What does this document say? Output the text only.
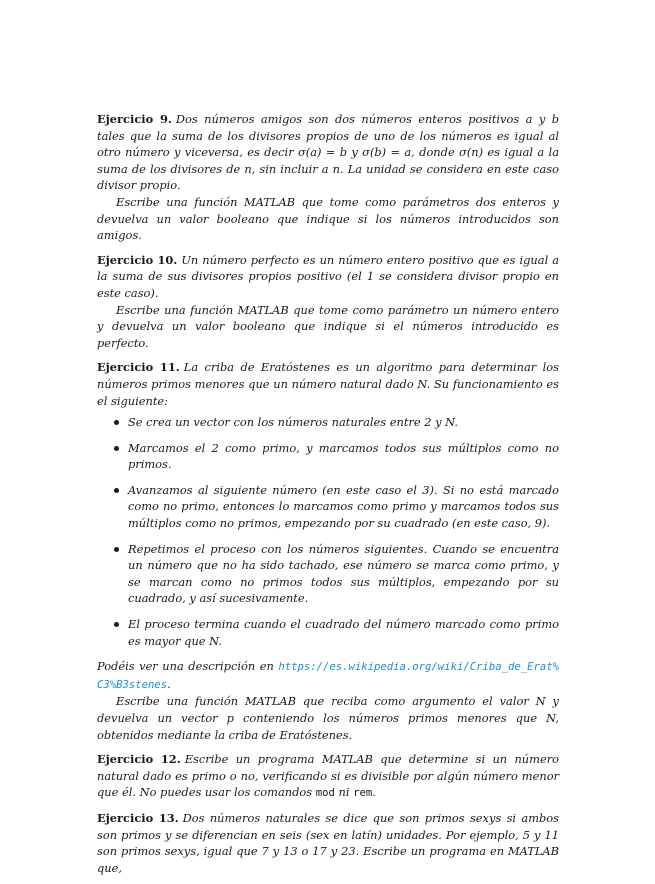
Ejercicio 9. Dos números amigos son dos números enteros positivos a y b tales que la suma de los divisores propios de uno de los números es igual al otro número y viceversa, es decir σ(a) = b y σ(b) = a, donde σ(n) es igual a la suma de los divisores de n, sin incluir a n. La unidad se considera en este caso divisor propio.

Escribe una función MATLAB que tome como parámetros dos enteros y devuelva un valor booleano que indique si los números introducidos son amigos.

Ejercicio 10. Un número perfecto es un número entero positivo que es igual a la suma de sus divisores propios positivo (el 1 se considera divisor propio en este caso).

Escribe una función MATLAB que tome como parámetro un número entero y devuelva un valor booleano que indique si el números introducido es perfecto.

Ejercicio 11. La criba de Eratóstenes es un algoritmo para determinar los números primos menores que un número natural dado N. Su funcionamiento es el siguiente:

Se crea un vector con los números naturales entre 2 y N.
Marcamos el 2 como primo, y marcamos todos sus múltiplos como no primos.
Avanzamos al siguiente número (en este caso el 3). Si no está marcado como no primo, entonces lo marcamos como primo y marcamos todos sus múltiplos como no primos, empezando por su cuadrado (en este caso, 9).
Repetimos el proceso con los números siguientes. Cuando se encuentra un número que no ha sido tachado, ese número se marca como primo, y se marcan como no primos todos sus múltiplos, empezando por su cuadrado, y así sucesivamente.
El proceso termina cuando el cuadrado del número marcado como primo es mayor que N.

Podéis ver una descripción en https://es.wikipedia.org/wiki/Criba_de_Erat%C3%B3stenes.

Escribe una función MATLAB que reciba como argumento el valor N y devuelva un vector p conteniendo los números primos menores que N, obtenidos mediante la criba de Eratóstenes.

Ejercicio 12. Escribe un programa MATLAB que determine si un número natural dado es primo o no, verificando si es divisible por algún número menor que él. No puedes usar los comandos mod ni rem.

Ejercicio 13. Dos números naturales se dice que son primos sexys si ambos son primos y se diferencian en seis (sex en latín) unidades. Por ejemplo, 5 y 11 son primos sexys, igual que 7 y 13 o 17 y 23. Escribe un programa en MATLAB que,
